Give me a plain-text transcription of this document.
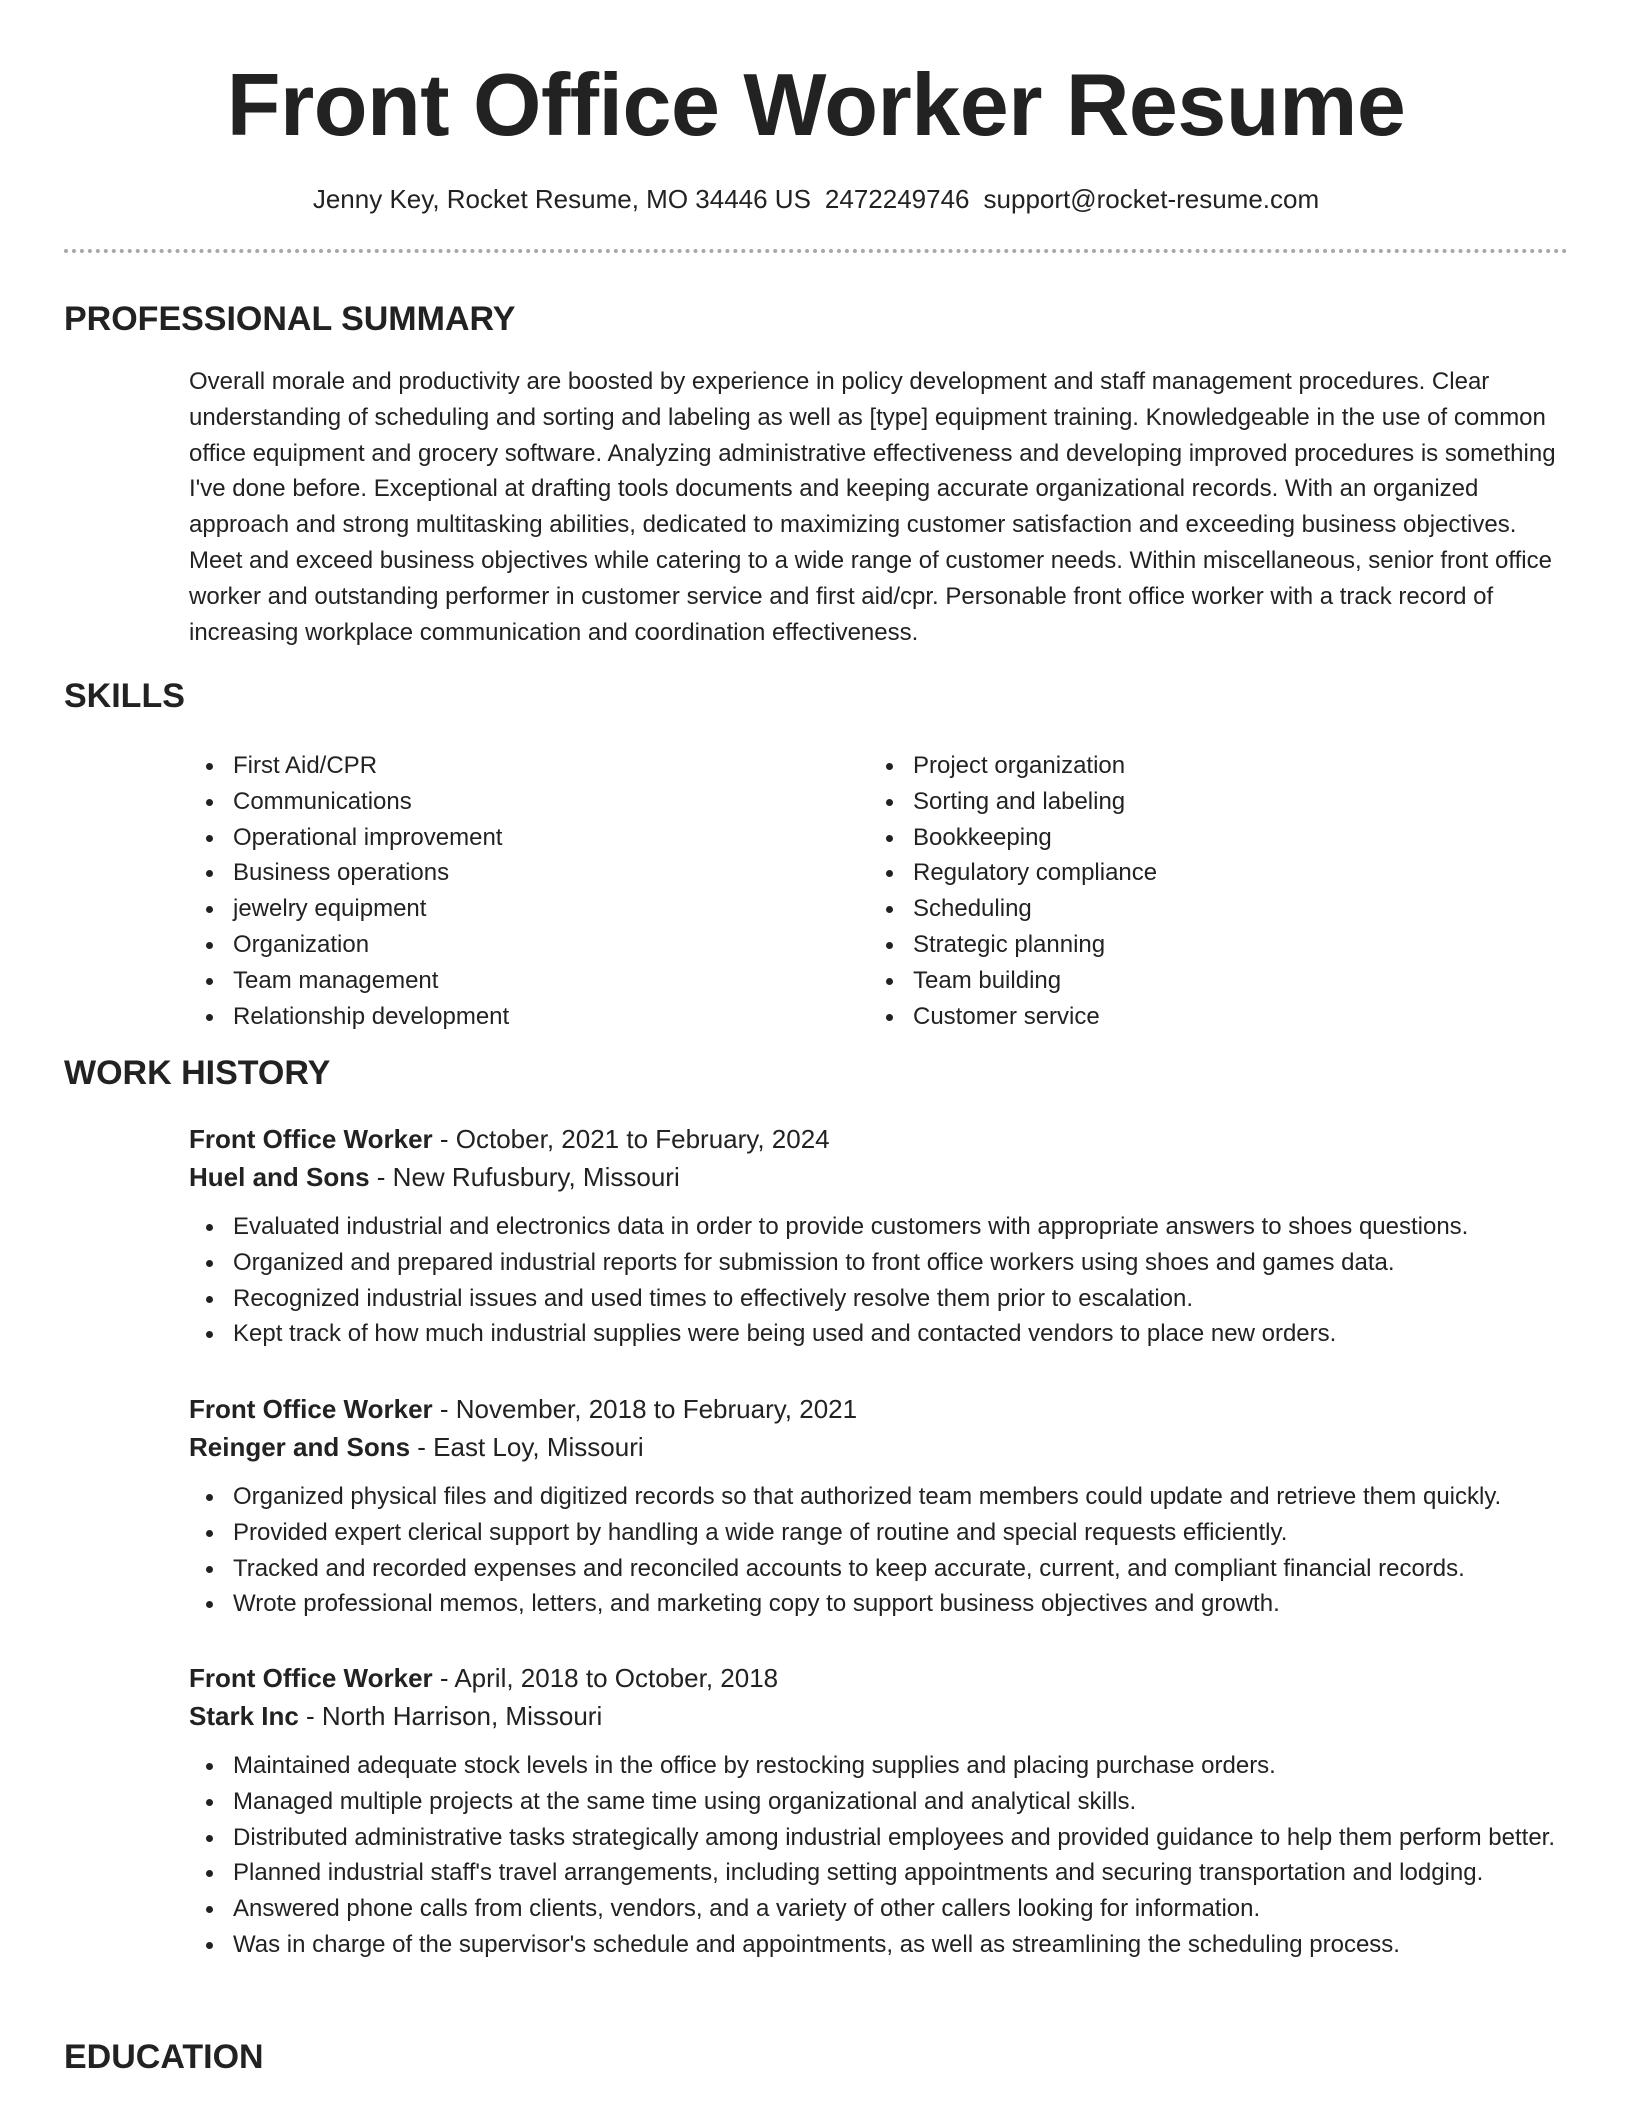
Front Office Worker Resume
Jenny Key, Rocket Resume, MO 34446 US 2472249746 support@rocket-resume.com
PROFESSIONAL SUMMARY

Overall morale and productivity are boosted by experience in policy development and staff management procedures. Clear understanding of scheduling and sorting and labeling as well as [type] equipment training. Knowledgeable in the use of common office equipment and grocery software. Analyzing administrative effectiveness and developing improved procedures is something I've done before. Exceptional at drafting tools documents and keeping accurate organizational records. With an organized approach and strong multitasking abilities, dedicated to maximizing customer satisfaction and exceeding business objectives. Meet and exceed business objectives while catering to a wide range of customer needs. Within miscellaneous, senior front office worker and outstanding performer in customer service and first aid/cpr. Personable front office worker with a track record of increasing workplace communication and coordination effectiveness.

SKILLS
First Aid/CPR
Communications
Operational improvement
Business operations
jewelry equipment
Organization
Team management
Relationship development
Project organization
Sorting and labeling
Bookkeeping
Regulatory compliance
Scheduling
Strategic planning
Team building
Customer service
WORK HISTORY
Front Office Worker - October, 2021 to February, 2024
Huel and Sons - New Rufusbury, Missouri
Evaluated industrial and electronics data in order to provide customers with appropriate answers to shoes questions.
Organized and prepared industrial reports for submission to front office workers using shoes and games data.
Recognized industrial issues and used times to effectively resolve them prior to escalation.
Kept track of how much industrial supplies were being used and contacted vendors to place new orders.
Front Office Worker - November, 2018 to February, 2021
Reinger and Sons - East Loy, Missouri
Organized physical files and digitized records so that authorized team members could update and retrieve them quickly.
Provided expert clerical support by handling a wide range of routine and special requests efficiently.
Tracked and recorded expenses and reconciled accounts to keep accurate, current, and compliant financial records.
Wrote professional memos, letters, and marketing copy to support business objectives and growth.
Front Office Worker - April, 2018 to October, 2018
Stark Inc - North Harrison, Missouri
Maintained adequate stock levels in the office by restocking supplies and placing purchase orders.
Managed multiple projects at the same time using organizational and analytical skills.
Distributed administrative tasks strategically among industrial employees and provided guidance to help them perform better.
Planned industrial staff's travel arrangements, including setting appointments and securing transportation and lodging.
Answered phone calls from clients, vendors, and a variety of other callers looking for information.
Was in charge of the supervisor's schedule and appointments, as well as streamlining the scheduling process.
EDUCATION
